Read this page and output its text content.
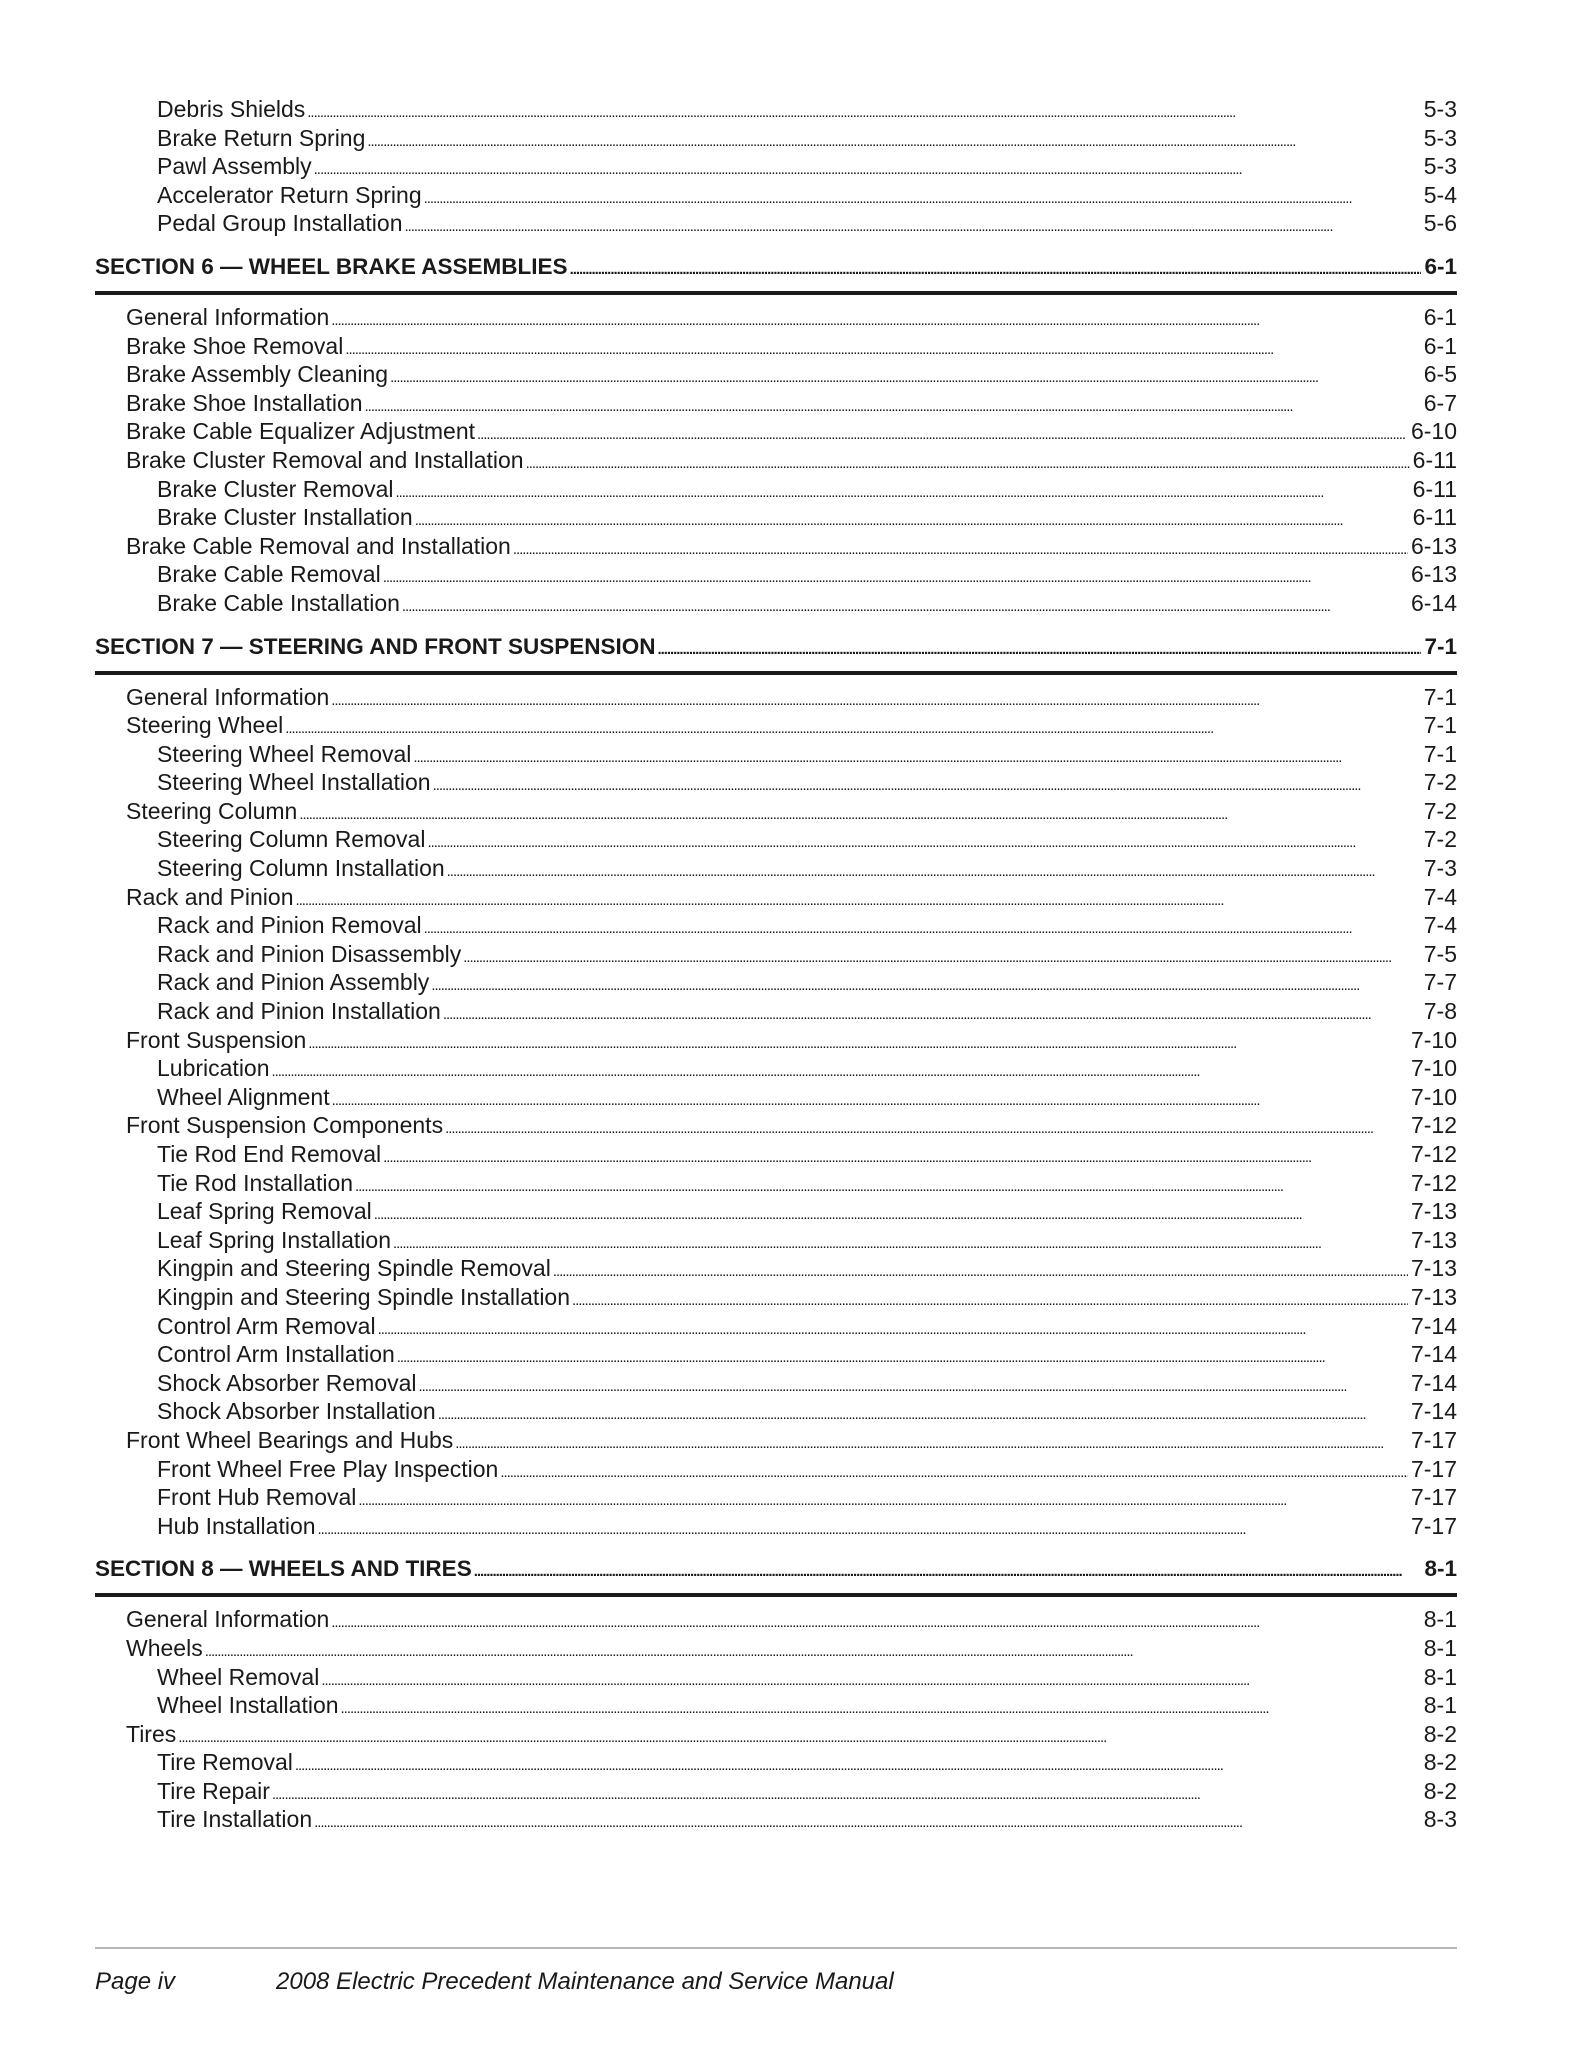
Debris Shields . . .	5-3
Brake Return Spring . . .	5-3
Pawl Assembly . . .	5-3
Accelerator Return Spring . . .	5-4
Pedal Group Installation . . .	5-6
SECTION 6 — WHEEL BRAKE ASSEMBLIES . . .	6-1
General Information . . .	6-1
Brake Shoe Removal . . .	6-1
Brake Assembly Cleaning . . .	6-5
Brake Shoe Installation . . .	6-7
Brake Cable Equalizer Adjustment . . .	6-10
Brake Cluster Removal and Installation . . .	6-11
Brake Cluster Removal . . .	6-11
Brake Cluster Installation . . .	6-11
Brake Cable Removal and Installation . . .	6-13
Brake Cable Removal . . .	6-13
Brake Cable Installation . . .	6-14
SECTION 7 — STEERING AND FRONT SUSPENSION . . .	7-1
General Information . . .	7-1
Steering Wheel . . .	7-1
Steering Wheel Removal . . .	7-1
Steering Wheel Installation . . .	7-2
Steering Column . . .	7-2
Steering Column Removal . . .	7-2
Steering Column Installation . . .	7-3
Rack and Pinion . . .	7-4
Rack and Pinion Removal . . .	7-4
Rack and Pinion Disassembly . . .	7-5
Rack and Pinion Assembly . . .	7-7
Rack and Pinion Installation . . .	7-8
Front Suspension . . .	7-10
Lubrication . . .	7-10
Wheel Alignment . . .	7-10
Front Suspension Components . . .	7-12
Tie Rod End Removal . . .	7-12
Tie Rod Installation . . .	7-12
Leaf Spring Removal . . .	7-13
Leaf Spring Installation . . .	7-13
Kingpin and Steering Spindle Removal . . .	7-13
Kingpin and Steering Spindle Installation . . .	7-13
Control Arm Removal . . .	7-14
Control Arm Installation . . .	7-14
Shock Absorber Removal . . .	7-14
Shock Absorber Installation . . .	7-14
Front Wheel Bearings and Hubs . . .	7-17
Front Wheel Free Play Inspection . . .	7-17
Front Hub Removal . . .	7-17
Hub Installation . . .	7-17
SECTION 8 — WHEELS AND TIRES . . .	8-1
General Information . . .	8-1
Wheels . . .	8-1
Wheel Removal . . .	8-1
Wheel Installation . . .	8-1
Tires . . .	8-2
Tire Removal . . .	8-2
Tire Repair . . .	8-2
Tire Installation . . .	8-3
Page iv	2008 Electric Precedent Maintenance and Service Manual
